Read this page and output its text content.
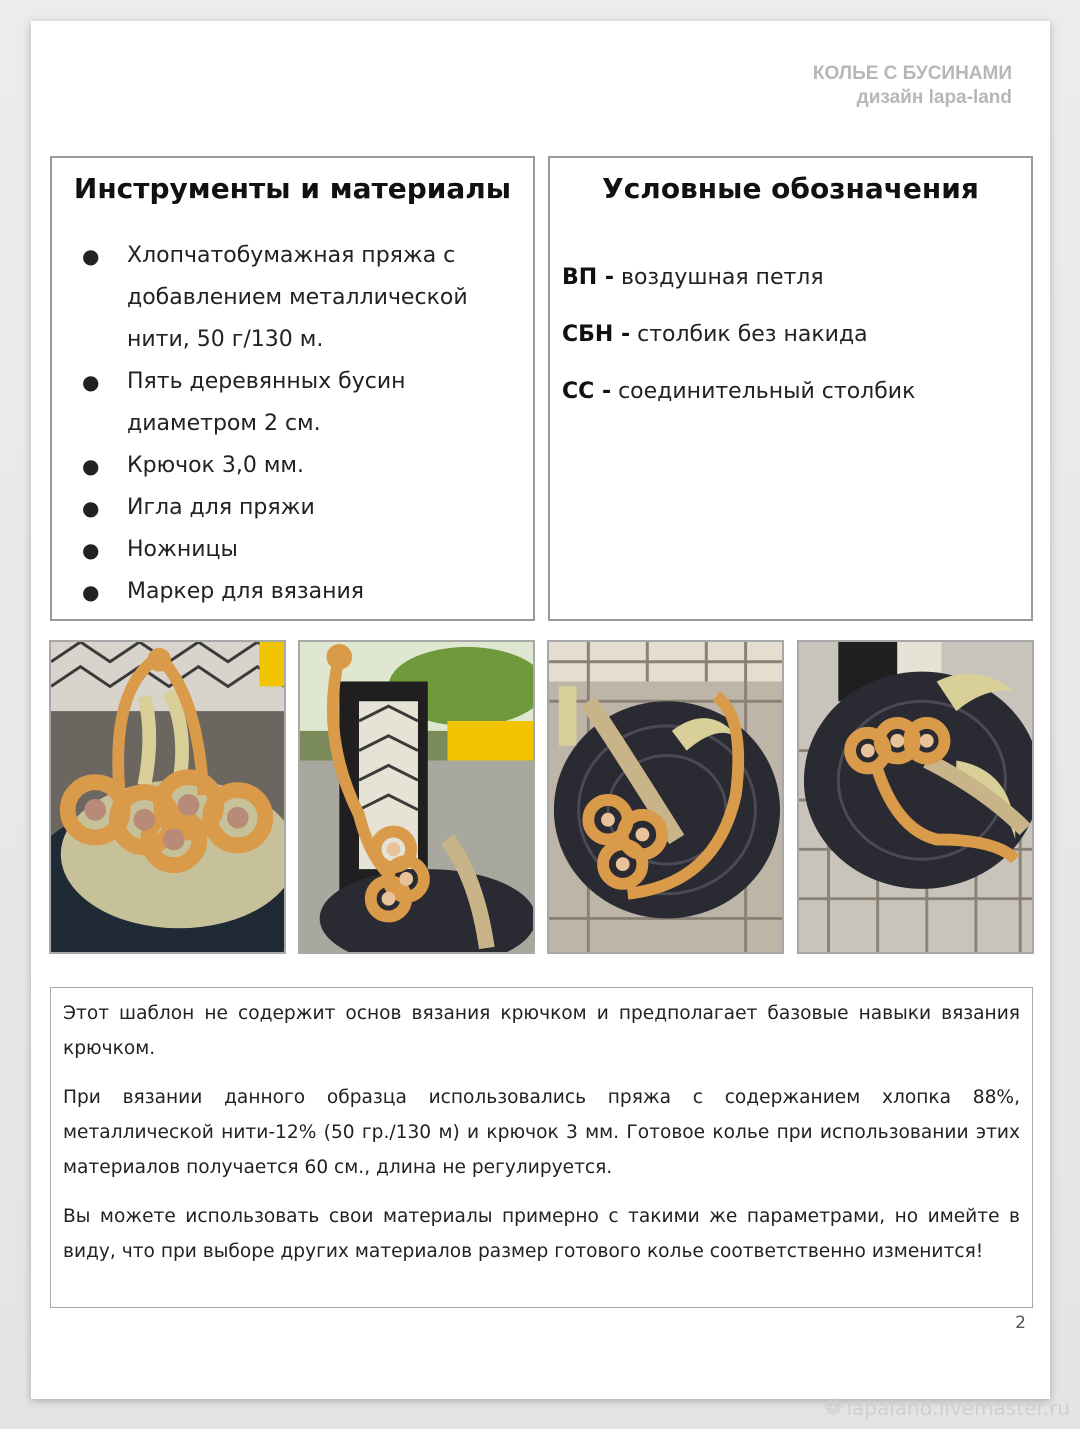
КОЛЬЕ С БУСИНАМИ
дизайн lapa-land
Инструменты и материалы
● Хлопчатобумажная пряжа с добавлением металлической нити, 50 г/130 м.
● Пять деревянных бусин диаметром 2 см.
● Крючок 3,0 мм.
● Игла для пряжи
● Ножницы
● Маркер для вязания
Условные обозначения
ВП - воздушная петля
СБН - столбик без накида
СС - соединительный столбик

Этот шаблон не содержит основ вязания крючком и предполагает базовые навыки вязания крючком.

При вязании данного образца использовались пряжа с содержанием хлопка 88%, металлической нити-12% (50 гр./130 м) и крючок 3 мм. Готовое колье при использовании этих материалов получается 60 см., длина не регулируется.

Вы можете использовать свои материалы примерно с такими же параметрами, но имейте в виду, что при выборе других материалов размер готового колье соответственно изменится!

2
❁ lapaland.livemaster.ru
